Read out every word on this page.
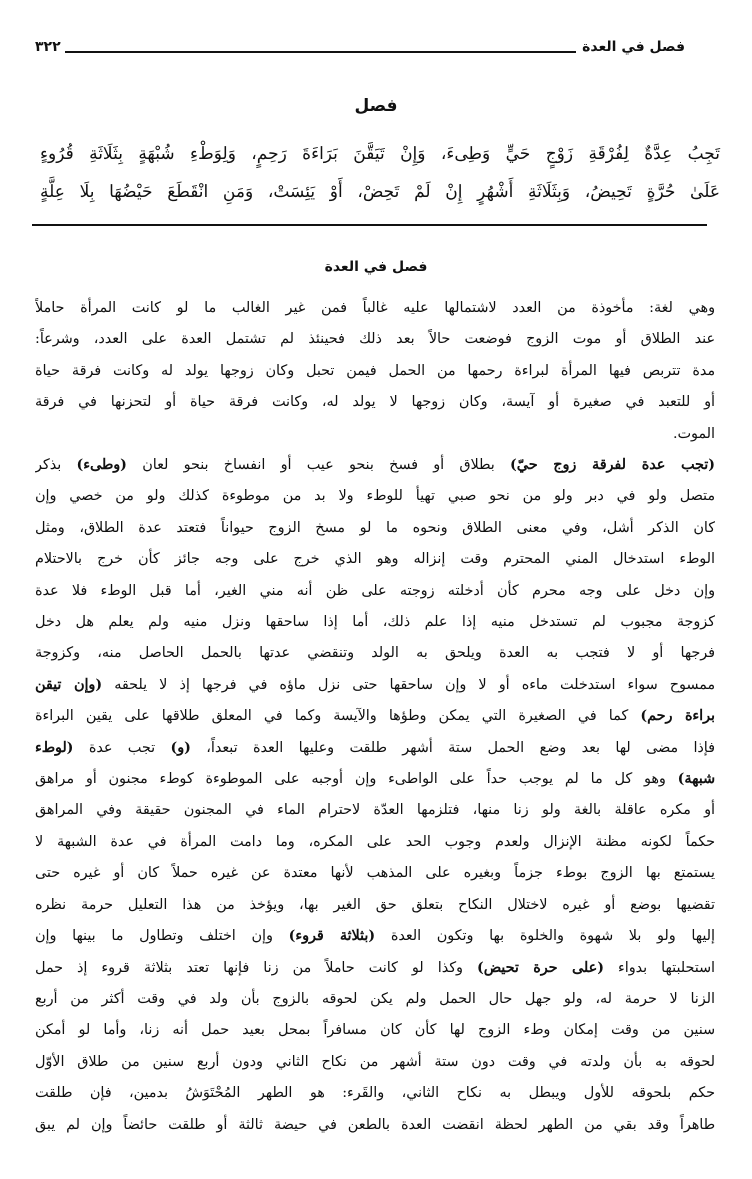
فصل في العدة
٣٢٢
فصل
تَجِبُ عِدَّةٌ لِفُرْقَةِ زَوْجٍ حَيٍّ وَطِىءَ، وَإِنْ تَيَقَّنَ بَرَاءَةَ رَحِمٍ، وَلِوَطْءِ شُبْهَةٍ بِثَلَاثَةِ قُرُوءٍ
عَلَىٰ حُرَّةٍ تَحِيضُ، وَبِثَلَاثَةِ أَشْهُرٍ إِنْ لَمْ تَحِضْ، أَوْ يَئِسَتْ، وَمَنِ انْقَطَعَ حَيْضُهَا بِلَا عِلَّةٍ
فصل في العدة
وهي لغة: مأخوذة من العدد لاشتمالها عليه غالباً فمن غير الغالب ما لو كانت المرأة حاملاً
عند الطلاق أو موت الزوج فوضعت حالاً بعد ذلك فحينئذ لم تشتمل العدة على العدد، وشرعاً:
مدة تتربص فيها المرأة لبراءة رحمها من الحمل فيمن تحبل وكان زوجها يولد له وكانت فرقة حياة
أو للتعبد في صغيرة أو آيسة، وكان زوجها لا يولد له، وكانت فرقة حياة أو لتحزنها في فرقة
الموت.
(تجب عدة لفرقة زوج حيّ) بطلاق أو فسخ بنحو عيب أو انفساخ بنحو لعان (وطىء) بذكر
متصل ولو في دبر ولو من نحو صبي تهيأ للوطء ولا بد من موطوءة كذلك ولو من خصي وإن
كان الذكر أشل، وفي معنى الطلاق ونحوه ما لو مسخ الزوج حيواناً فتعتد عدة الطلاق، ومثل
الوطء استدخال المني المحترم وقت إنزاله وهو الذي خرج على وجه جائز كأن خرج بالاحتلام
وإن دخل على وجه محرم كأن أدخلته زوجته على ظن أنه مني الغير، أما قبل الوطء فلا عدة
كزوجة مجبوب لم تستدخل منيه إذا علم ذلك، أما إذا ساحقها ونزل منيه ولم يعلم هل دخل
فرجها أو لا فتجب به العدة ويلحق به الولد وتنقضي عدتها بالحمل الحاصل منه، وكزوجة
ممسوح سواء استدخلت ماءه أو لا وإن ساحقها حتى نزل ماؤه في فرجها إذ لا يلحقه (وإن تيقن
براءة رحم) كما في الصغيرة التي يمكن وطؤها والآيسة وكما في المعلق طلاقها على يقين البراءة
فإذا مضى لها بعد وضع الحمل ستة أشهر طلقت وعليها العدة تبعداً، (و) تجب عدة (لوطء
شبهة) وهو كل ما لم يوجب حداً على الواطىء وإن أوجبه على الموطوءة كوطء مجنون أو مراهق
أو مكره عاقلة بالغة ولو زنا منها، فتلزمها العدّة لاحترام الماء في المجنون حقيقة وفي المراهق
حكماً لكونه مظنة الإنزال ولعدم وجوب الحد على المكره، وما دامت المرأة في عدة الشبهة لا
يستمتع بها الزوج بوطء جزماً وبغيره على المذهب لأنها معتدة عن غيره حملاً كان أو غيره حتى
تقضيها بوضع أو غيره لاختلال النكاح بتعلق حق الغير بها، ويؤخذ من هذا التعليل حرمة نظره
إليها ولو بلا شهوة والخلوة بها وتكون العدة (بثلاثة قروء) وإن اختلف وتطاول ما بينها وإن
استحلبتها بدواء (على حرة تحيض) وكذا لو كانت حاملاً من زنا فإنها تعتد بثلاثة قروء إذ حمل
الزنا لا حرمة له، ولو جهل حال الحمل ولم يكن لحوقه بالزوج بأن ولد في وقت أكثر من أربع
سنين من وقت إمكان وطء الزوج لها كأن كان مسافراً بمحل بعيد حمل أنه زنا، وأما لو أمكن
لحوقه به بأن ولدته في وقت دون ستة أشهر من نكاح الثاني ودون أربع سنين من طلاق الأوّل
حكم بلحوقه للأول ويبطل به نكاح الثاني، والقَرء: هو الطهر المُحْتَوَشُ بدمين، فإن طلقت
طاهراً وقد بقي من الطهر لحظة انقضت العدة بالطعن في حيضة ثالثة أو طلقت حائضاً وإن لم يبق
